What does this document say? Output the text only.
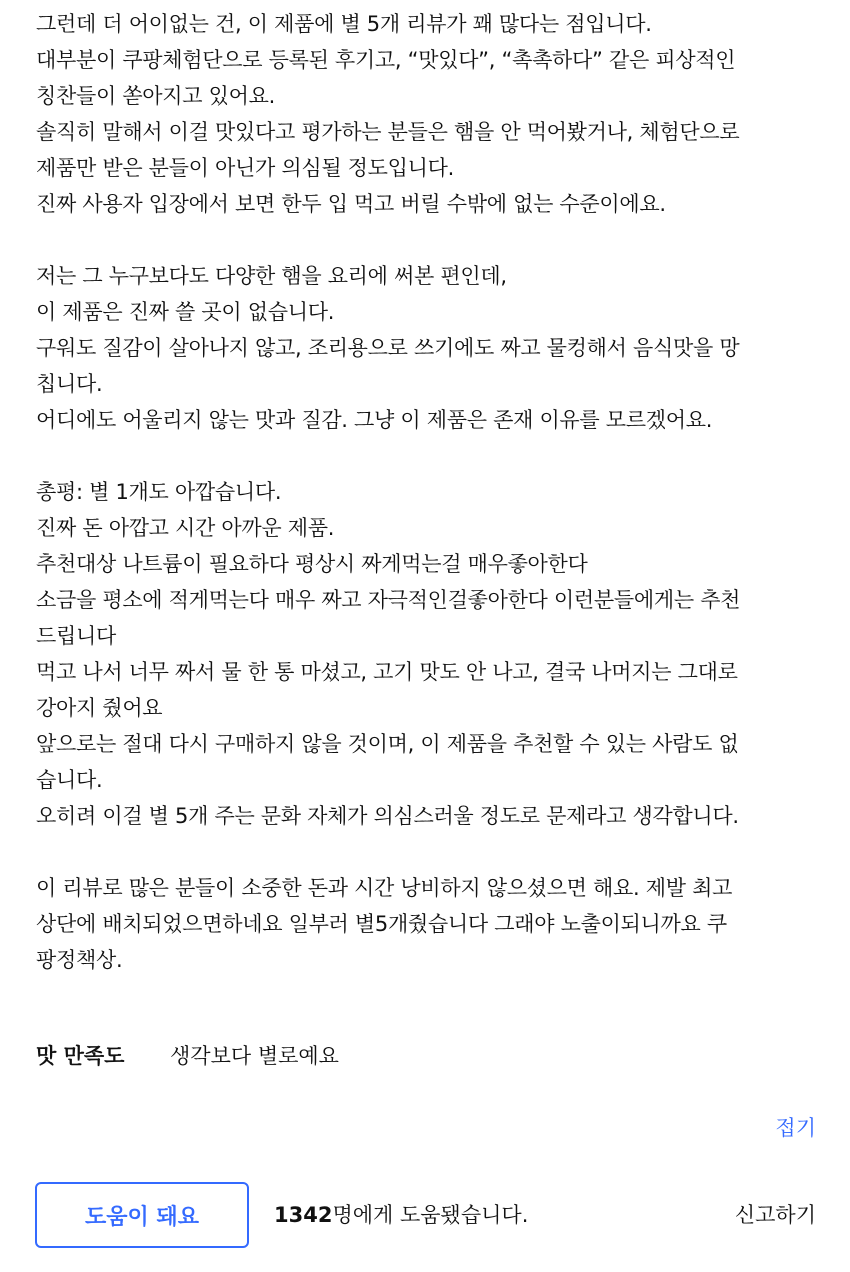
그런데 더 어이없는 건, 이 제품에 별 5개 리뷰가 꽤 많다는 점입니다.
대부분이 쿠팡체험단으로 등록된 후기고, “맛있다”, “촉촉하다” 같은 피상적인
칭찬들이 쏟아지고 있어요.
솔직히 말해서 이걸 맛있다고 평가하는 분들은 햄을 안 먹어봤거나, 체험단으로
제품만 받은 분들이 아닌가 의심될 정도입니다.
진짜 사용자 입장에서 보면 한두 입 먹고 버릴 수밖에 없는 수준이에요.
저는 그 누구보다도 다양한 햄을 요리에 써본 편인데,
이 제품은 진짜 쓸 곳이 없습니다.
구워도 질감이 살아나지 않고, 조리용으로 쓰기에도 짜고 물컹해서 음식맛을 망
칩니다.
어디에도 어울리지 않는 맛과 질감. 그냥 이 제품은 존재 이유를 모르겠어요.
총평: 별 1개도 아깝습니다.
진짜 돈 아깝고 시간 아까운 제품.
추천대상 나트륨이 필요하다 평상시 짜게먹는걸 매우좋아한다
소금을 평소에 적게먹는다 매우 짜고 자극적인걸좋아한다 이런분들에게는 추천
드립니다
먹고 나서 너무 짜서 물 한 통 마셨고, 고기 맛도 안 나고, 결국 나머지는 그대로
강아지 줬어요
앞으로는 절대 다시 구매하지 않을 것이며, 이 제품을 추천할 수 있는 사람도 없
습니다.
오히려 이걸 별 5개 주는 문화 자체가 의심스러울 정도로 문제라고 생각합니다.
이 리뷰로 많은 분들이 소중한 돈과 시간 낭비하지 않으셨으면 해요. 제발 최고
상단에 배치되었으면하네요 일부러 별5개줬습니다 그래야 노출이되니까요 쿠
팡정책상.
맛 만족도 생각보다 별로예요
접기
도움이 돼요	1342명에게 도움됐습니다.	신고하기
